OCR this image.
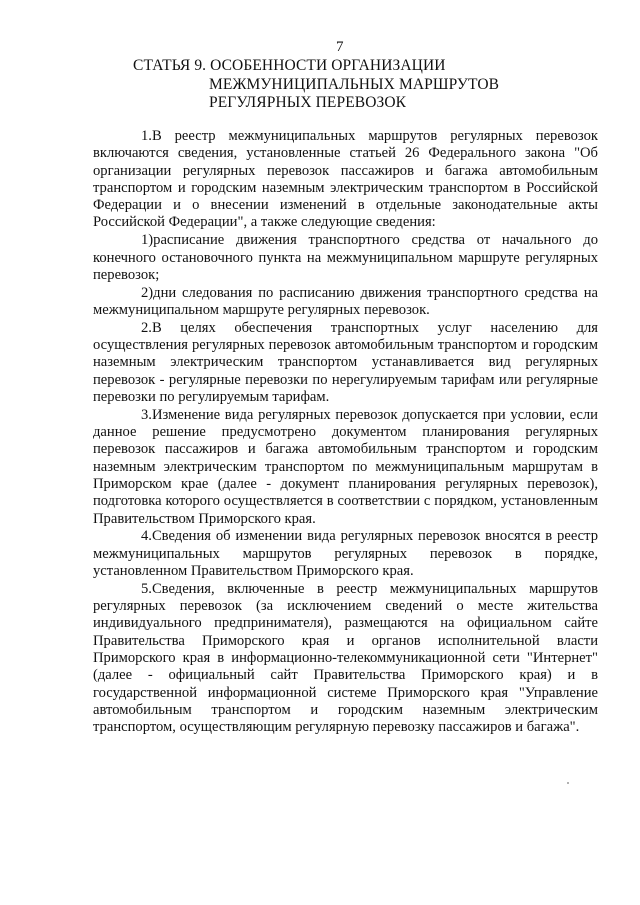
7
СТАТЬЯ 9. ОСОБЕННОСТИ ОРГАНИЗАЦИИ
МЕЖМУНИЦИПАЛЬНЫХ МАРШРУТОВ
РЕГУЛЯРНЫХ ПЕРЕВОЗОК

1.В реестр межмуниципальных маршрутов регулярных перевозок включаются сведения, установленные статьей 26 Федерального закона "Об организации регулярных перевозок пассажиров и багажа автомобильным транспортом и городским наземным электрическим транспортом в Российской Федерации и о внесении изменений в отдельные законодательные акты Российской Федерации", а также следующие сведения:

1)расписание движения транспортного средства от начального до конечного остановочного пункта на межмуниципальном маршруте регулярных перевозок;

2)дни следования по расписанию движения транспортного средства на межмуниципальном маршруте регулярных перевозок.

2.В целях обеспечения транспортных услуг населению для осуществления регулярных перевозок автомобильным транспортом и городским наземным электрическим транспортом устанавливается вид регулярных перевозок - регулярные перевозки по нерегулируемым тарифам или регулярные перевозки по регулируемым тарифам.

3.Изменение вида регулярных перевозок допускается при условии, если данное решение предусмотрено документом планирования регулярных перевозок пассажиров и багажа автомобильным транспортом и городским наземным электрическим транспортом по межмуниципальным маршрутам в Приморском крае (далее - документ планирования регулярных перевозок), подготовка которого осуществляется в соответствии с порядком, установленным Правительством Приморского края.

4.Сведения об изменении вида регулярных перевозок вносятся в реестр межмуниципальных маршрутов регулярных перевозок в порядке, установленном Правительством Приморского края.

5.Сведения, включенные в реестр межмуниципальных маршрутов регулярных перевозок (за исключением сведений о месте жительства индивидуального предпринимателя), размещаются на официальном сайте Правительства Приморского края и органов исполнительной власти Приморского края в информационно-телекоммуникационной сети "Интернет" (далее - официальный сайт Правительства Приморского края) и в государственной информационной системе Приморского края "Управление автомобильным транспортом и городским наземным электрическим транспортом, осуществляющим регулярную перевозку пассажиров и багажа".
